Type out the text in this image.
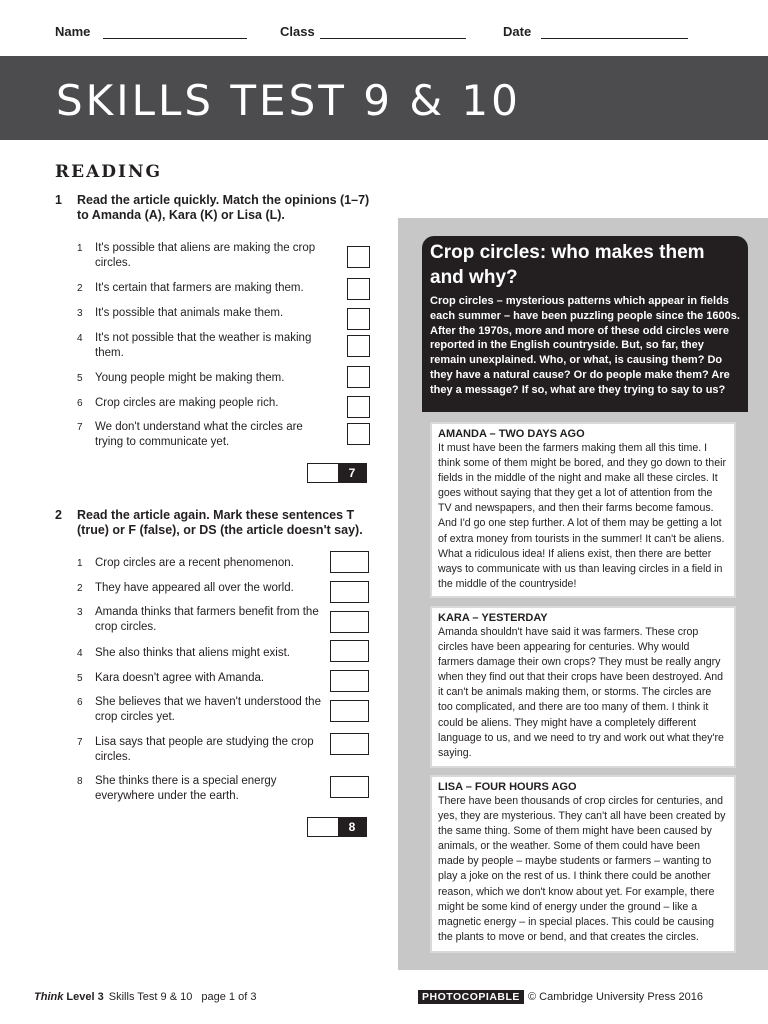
Name	Class	Date
SKILLS TEST 9 & 10
READING
1 Read the article quickly. Match the opinions (1–7) to Amanda (A), Kara (K) or Lisa (L).
1 It's possible that aliens are making the crop circles.
2 It's certain that farmers are making them.
3 It's possible that animals make them.
4 It's not possible that the weather is making them.
5 Young people might be making them.
6 Crop circles are making people rich.
7 We don't understand what the circles are trying to communicate yet.
7
2 Read the article again. Mark these sentences T (true) or F (false), or DS (the article doesn't say).
1 Crop circles are a recent phenomenon.
2 They have appeared all over the world.
3 Amanda thinks that farmers benefit from the crop circles.
4 She also thinks that aliens might exist.
5 Kara doesn't agree with Amanda.
6 She believes that we haven't understood the crop circles yet.
7 Lisa says that people are studying the crop circles.
8 She thinks there is a special energy everywhere under the earth.
8
Crop circles: who makes them and why?
Crop circles – mysterious patterns which appear in fields each summer – have been puzzling people since the 1600s. After the 1970s, more and more of these odd circles were reported in the English countryside. But, so far, they remain unexplained. Who, or what, is causing them? Do they have a natural cause? Or do people make them? Are they a message? If so, what are they trying to say to us?
AMANDA – TWO DAYS AGO
It must have been the farmers making them all this time. I think some of them might be bored, and they go down to their fields in the middle of the night and make all these circles. It goes without saying that they get a lot of attention from the TV and newspapers, and then their farms become famous. And I'd go one step further. A lot of them may be getting a lot of extra money from tourists in the summer! It can't be aliens. What a ridiculous idea! If aliens exist, then there are better ways to communicate with us than leaving circles in a field in the middle of the countryside!
KARA – YESTERDAY
Amanda shouldn't have said it was farmers. These crop circles have been appearing for centuries. Why would farmers damage their own crops? They must be really angry when they find out that their crops have been destroyed. And it can't be animals making them, or storms. The circles are too complicated, and there are too many of them. I think it could be aliens. They might have a completely different language to us, and we need to try and work out what they're saying.
LISA – FOUR HOURS AGO
There have been thousands of crop circles for centuries, and yes, they are mysterious. They can't all have been created by the same thing. Some of them might have been caused by animals, or the weather. Some of them could have been made by people – maybe students or farmers – wanting to play a joke on the rest of us. I think there could be another reason, which we don't know about yet. For example, there might be some kind of energy under the ground – like a magnetic energy – in special places. This could be causing the plants to move or bend, and that creates the circles.
Think Level 3 Skills Test 9 & 10 page 1 of 3	PHOTOCOPIABLE © Cambridge University Press 2016
